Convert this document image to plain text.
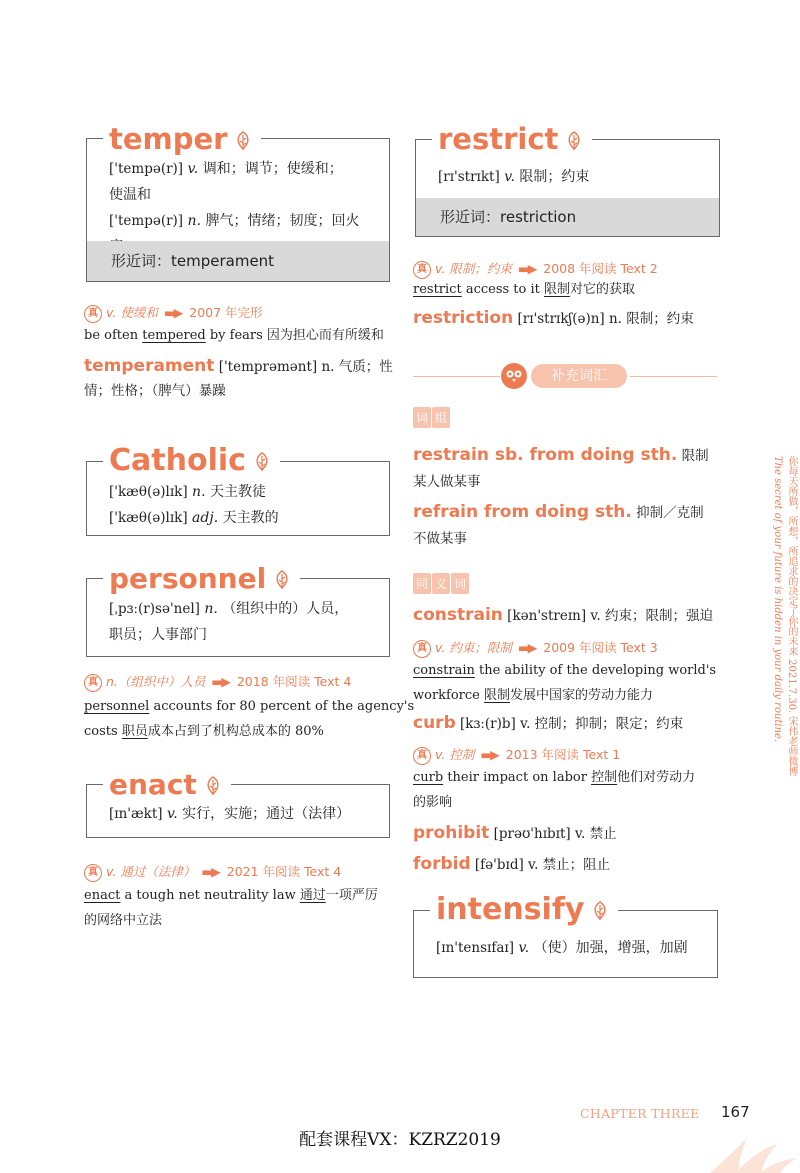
temper
['tempə(r)] v. 调和；调节；使缓和；
使温和
['tempə(r)] n. 脾气；情绪；韧度；回火
形近词：temperament
真 v. 使缓和 ▬▶ 2007 年完形
be often tempered by fears 因为担心而有所缓和
temperament ['temprəmənt] n. 气质；性
情；性格；（脾气）暴躁
Catholic
['kæθ(ə)lɪk] n. 天主教徒
['kæθ(ə)lɪk] adj. 天主教的
personnel
[ˌpɜː(r)sə'nel] n. （组织中的）人员，
职员；人事部门
真 n.（组织中）人员 ▬▶ 2018 年阅读 Text 4
personnel accounts for 80 percent of the agency's
costs 职员成本占到了机构总成本的 80%
enact
[ɪn'ækt] v. 实行，实施；通过（法律）
真 v. 通过（法律） ▬▶ 2021 年阅读 Text 4
enact a tough net neutrality law 通过一项严厉
的网络中立法
restrict
[rɪ'strɪkt] v. 限制；约束
形近词：restriction
真 v. 限制；约束 ▬▶ 2008 年阅读 Text 2
restrict access to it 限制对它的获取
restriction [rɪ'strɪkʃ(ə)n] n. 限制；约束
补充词汇
词 组
restrain sb. from doing sth. 限制
某人做某事
refrain from doing sth. 抑制／克制
不做某事
同 义 词
constrain [kən'streɪn] v. 约束；限制；强迫
真 v. 约束；限制 ▬▶ 2009 年阅读 Text 3
constrain the ability of the developing world's
workforce 限制发展中国家的劳动力能力
curb [kɜː(r)b] v. 控制；抑制；限定；约束
真 v. 控制 ▬▶ 2013 年阅读 Text 1
curb their impact on labor 控制他们对劳动力
的影响
prohibit [prəʊ'hɪbɪt] v. 禁止
forbid [fə'bɪd] v. 禁止；阻止
intensify
[ɪn'tensɪfaɪ] v. （使）加强，增强，加剧
你每天所做，所想，所追求的决定了你的未来 2021.7.30. 宋伟老师微博
The secret of your future is hidden in your daily routine.
CHAPTER THREE 167
配套课程VX：KZRZ2019
